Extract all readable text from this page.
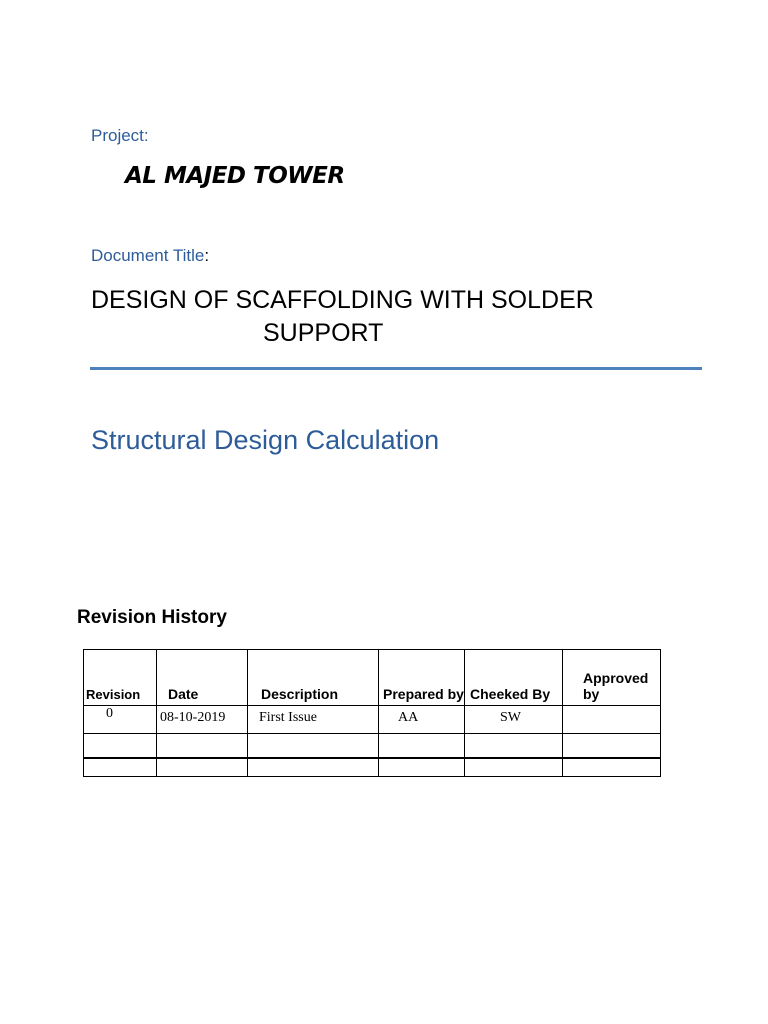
Project:
AL MAJED TOWER
Document Title:
DESIGN OF SCAFFOLDING WITH SOLDER
SUPPORT
Structural Design Calculation
Revision History
Revision	Date	Description	Prepared by	Cheeked By	Approved by

0	08-10-2019	First Issue	AA	SW	
